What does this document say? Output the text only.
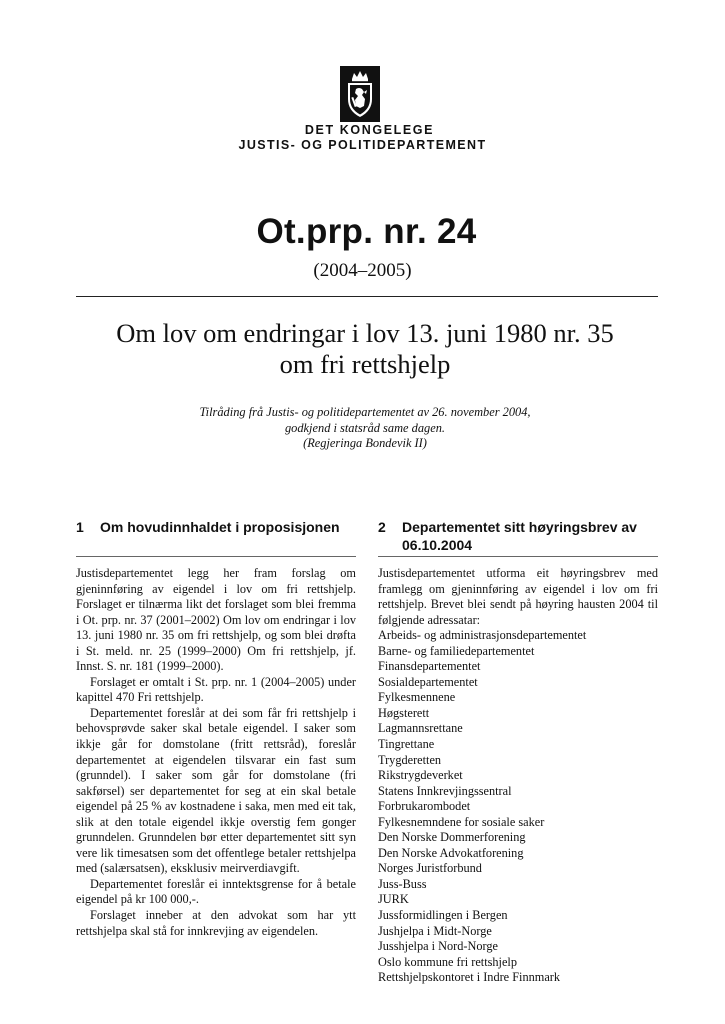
DET KONGELEGE
JUSTIS- OG POLITIDEPARTEMENT
Ot.prp. nr. 24
(2004–2005)
Om lov om endringar i lov 13. juni 1980 nr. 35
om fri rettshjelp
Tilråding frå Justis- og politidepartementet av 26. november 2004,
godkjend i statsråd same dagen.
(Regjeringa Bondevik II)
1	Om hovudinnhaldet i proposisjonen

Justisdepartementet legg her fram forslag om gjeninnføring av eigendel i lov om fri rettshjelp. Forslaget er tilnærma likt det forslaget som blei fremma i Ot. prp. nr. 37 (2001–2002) Om lov om endringar i lov 13. juni 1980 nr. 35 om fri rettshjelp, og som blei drøfta i St. meld. nr. 25 (1999–2000) Om fri rettshjelp, jf. Innst. S. nr. 181 (1999–2000).

Forslaget er omtalt i St. prp. nr. 1 (2004–2005) under kapittel 470 Fri rettshjelp.

Departementet foreslår at dei som får fri rettshjelp i behovsprøvde saker skal betale eigendel. I saker som ikkje går for domstolane (fritt rettsråd), foreslår departementet at eigendelen tilsvarar ein fast sum (grunndel). I saker som går for domstolane (fri sakførsel) ser departementet for seg at ein skal betale eigendel på 25 % av kostnadene i saka, men med eit tak, slik at den totale eigendel ikkje overstig fem gonger grunndelen. Grunndelen bør etter departementet sitt syn vere lik timesatsen som det offentlege betaler rettshjelpa med (salærsatsen), eksklusiv meirverdiavgift.

Departementet foreslår ei inntektsgrense for å betale eigendel på kr 100 000,-.

Forslaget inneber at den advokat som har ytt rettshjelpa skal stå for innkrevjing av eigendelen.

2	Departementet sitt høyringsbrev av 06.10.2004

Justisdepartementet utforma eit høyringsbrev med framlegg om gjeninnføring av eigendel i lov om fri rettshjelp. Brevet blei sendt på høyring hausten 2004 til følgjende adressatar:

Arbeids- og administrasjonsdepartementet
Barne- og familiedepartementet
Finansdepartementet
Sosialdepartementet
Fylkesmennene
Høgsterett
Lagmannsrettane
Tingrettane
Trygderetten
Rikstrygdeverket
Statens Innkrevjingssentral
Forbrukarombodet
Fylkesnemndene for sosiale saker
Den Norske Dommerforening
Den Norske Advokatforening
Norges Juristforbund
Juss-Buss
JURK
Jussformidlingen i Bergen
Jushjelpa i Midt-Norge
Jusshjelpa i Nord-Norge
Oslo kommune fri rettshjelp
Rettshjelpskontoret i Indre Finnmark
